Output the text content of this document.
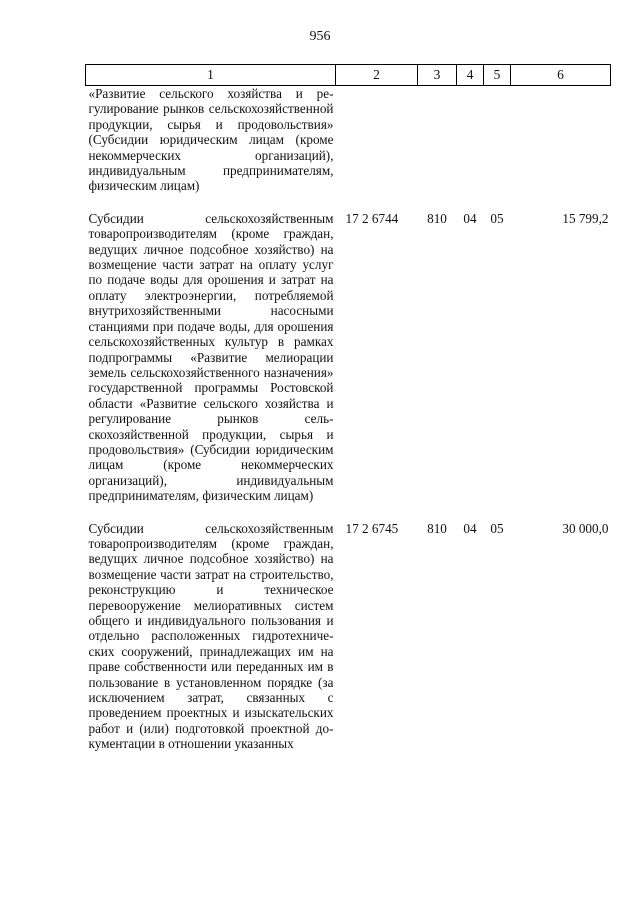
956
1	2	3	4	5	6
«Развитие сельского хозяйства и регулирование рынков сельскохозяйственной продукции, сырья и продовольствия» (Субсидии юридическим лицам (кроме некоммерческих организаций), индивидуальным предпринимателям, физическим лицам)					

Субсидии сельскохозяйственным товаропроизводителям (кроме граждан, ведущих личное подсобное хозяйство) на возмещение части затрат на оплату услуг по подаче воды для орошения и затрат на оплату электроэнергии, потребляемой внутрихозяйственными насосными станциями при подаче воды, для орошения сельскохозяйственных культур в рамках подпрограммы «Развитие мелиорации земель сельскохозяйственного назначения» государственной программы Ростовской области «Развитие сельского хозяйства и регулирование рынков сельскохозяйственной продукции, сырья и продовольствия» (Субсидии юридическим лицам (кроме некоммерческих организаций), индивидуальным предпринимателям, физическим лицам)	17 2 6744	810	04	05	15 799,2

Субсидии сельскохозяйственным товаропроизводителям (кроме граждан, ведущих личное подсобное хозяйство) на возмещение части затрат на строительство, реконструкцию и техническое перевооружение мелиоративных систем общего и индивидуального пользования и отдельно расположенных гидротехнических сооружений, принадлежащих им на праве собственности или переданных им в пользование в установленном порядке (за исключением затрат, связанных с проведением проектных и изыскательских работ и (или) подготовкой проектной документации в отношении указанных	17 2 6745	810	04	05	30 000,0
